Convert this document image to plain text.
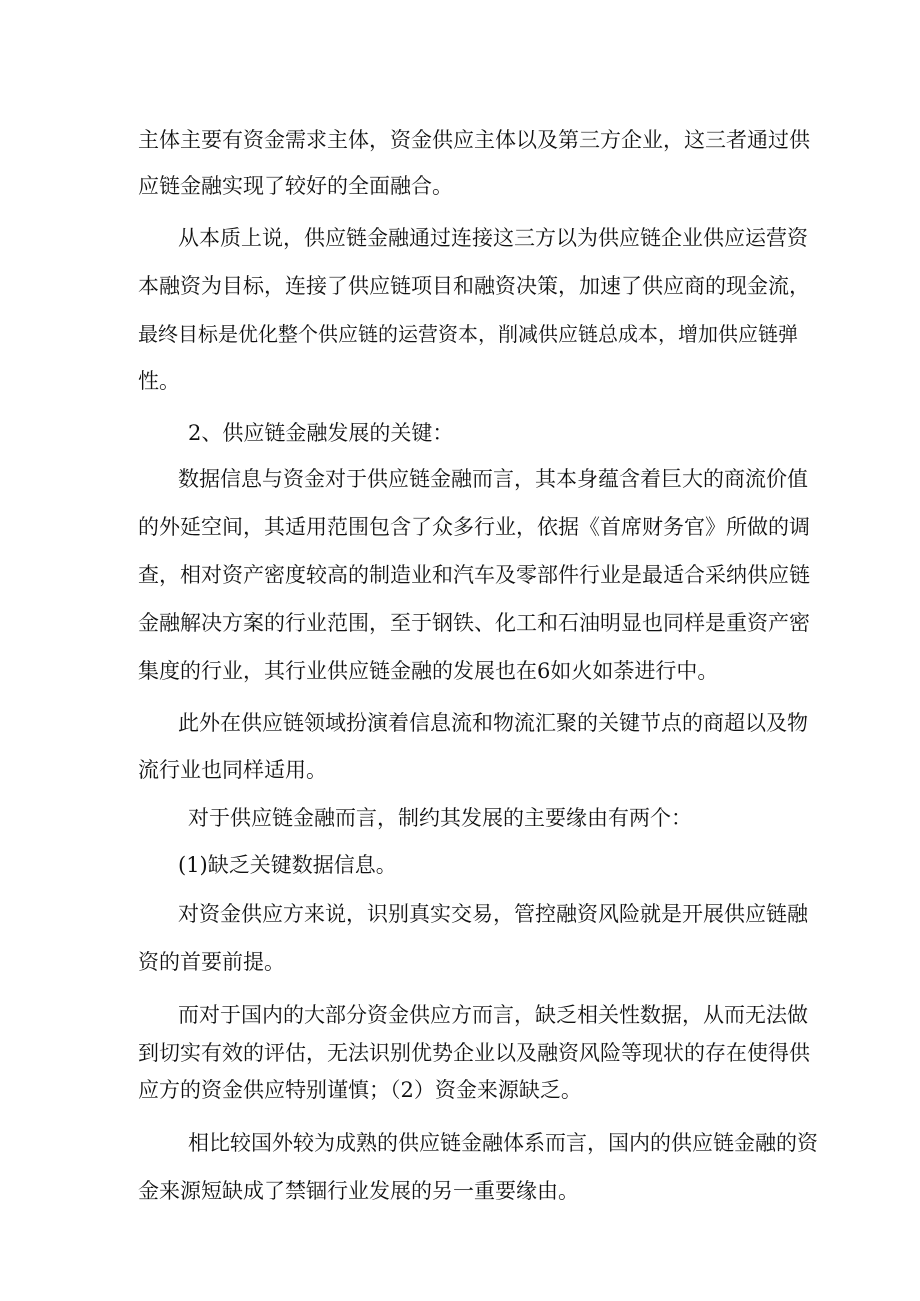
主体主要有资金需求主体，资金供应主体以及第三方企业，这三者通过供
应链金融实现了较好的全面融合。
从本质上说，供应链金融通过连接这三方以为供应链企业供应运营资
本融资为目标，连接了供应链项目和融资决策，加速了供应商的现金流，
最终目标是优化整个供应链的运营资本，削减供应链总成本，增加供应链弹
性。
2、供应链金融发展的关键：
数据信息与资金对于供应链金融而言，其本身蕴含着巨大的商流价值
的外延空间，其适用范围包含了众多行业，依据《首席财务官》所做的调
查，相对资产密度较高的制造业和汽车及零部件行业是最适合采纳供应链
金融解决方案的行业范围，至于钢铁、化工和石油明显也同样是重资产密
集度的行业，其行业供应链金融的发展也在6如火如荼进行中。
此外在供应链领域扮演着信息流和物流汇聚的关键节点的商超以及物
流行业也同样适用。
对于供应链金融而言，制约其发展的主要缘由有两个：
(1)缺乏关键数据信息。
对资金供应方来说，识别真实交易，管控融资风险就是开展供应链融
资的首要前提。
而对于国内的大部分资金供应方而言，缺乏相关性数据，从而无法做
到切实有效的评估，无法识别优势企业以及融资风险等现状的存在使得供
应方的资金供应特别谨慎；（2）资金来源缺乏。
相比较国外较为成熟的供应链金融体系而言，国内的供应链金融的资
金来源短缺成了禁锢行业发展的另一重要缘由。
